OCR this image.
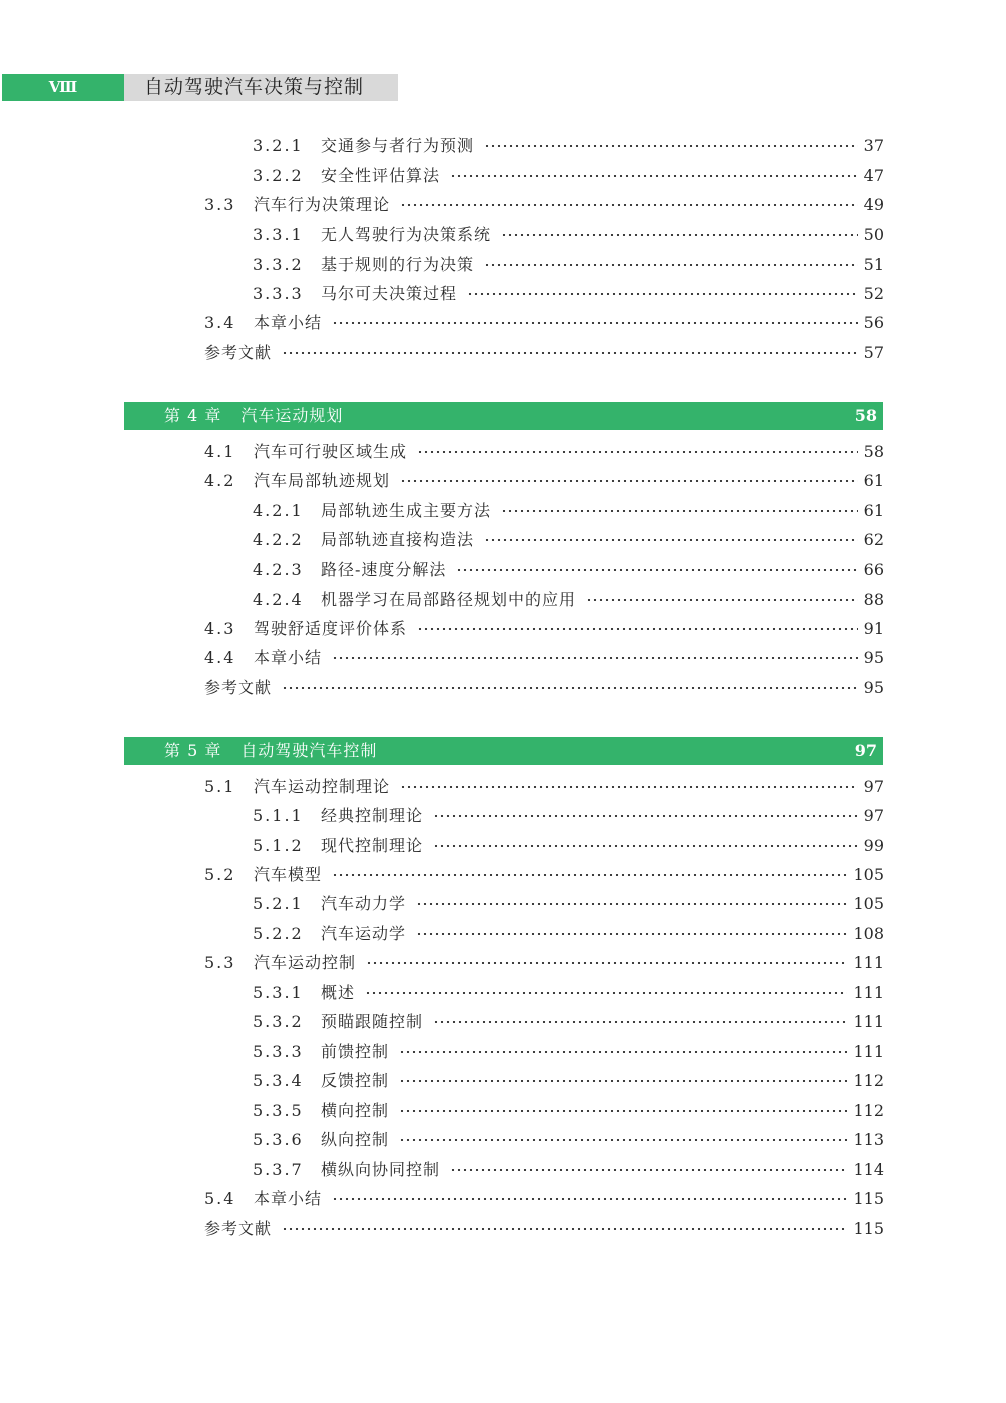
Ⅷ	自动驾驶汽车决策与控制
3.2.1	交通参与者行为预测	37
3.2.2	安全性评估算法	47
3.3	汽车行为决策理论	49
3.3.1	无人驾驶行为决策系统	50
3.3.2	基于规则的行为决策	51
3.3.3	马尔可夫决策过程	52
3.4	本章小结	56
参考文献	57
第 4 章 汽车运动规划	58
4.1	汽车可行驶区域生成	58
4.2	汽车局部轨迹规划	61
4.2.1	局部轨迹生成主要方法	61
4.2.2	局部轨迹直接构造法	62
4.2.3	路径-速度分解法	66
4.2.4	机器学习在局部路径规划中的应用	88
4.3	驾驶舒适度评价体系	91
4.4	本章小结	95
参考文献	95
第 5 章 自动驾驶汽车控制	97
5.1	汽车运动控制理论	97
5.1.1	经典控制理论	97
5.1.2	现代控制理论	99
5.2	汽车模型	105
5.2.1	汽车动力学	105
5.2.2	汽车运动学	108
5.3	汽车运动控制	111
5.3.1	概述	111
5.3.2	预瞄跟随控制	111
5.3.3	前馈控制	111
5.3.4	反馈控制	112
5.3.5	横向控制	112
5.3.6	纵向控制	113
5.3.7	横纵向协同控制	114
5.4	本章小结	115
参考文献	115
